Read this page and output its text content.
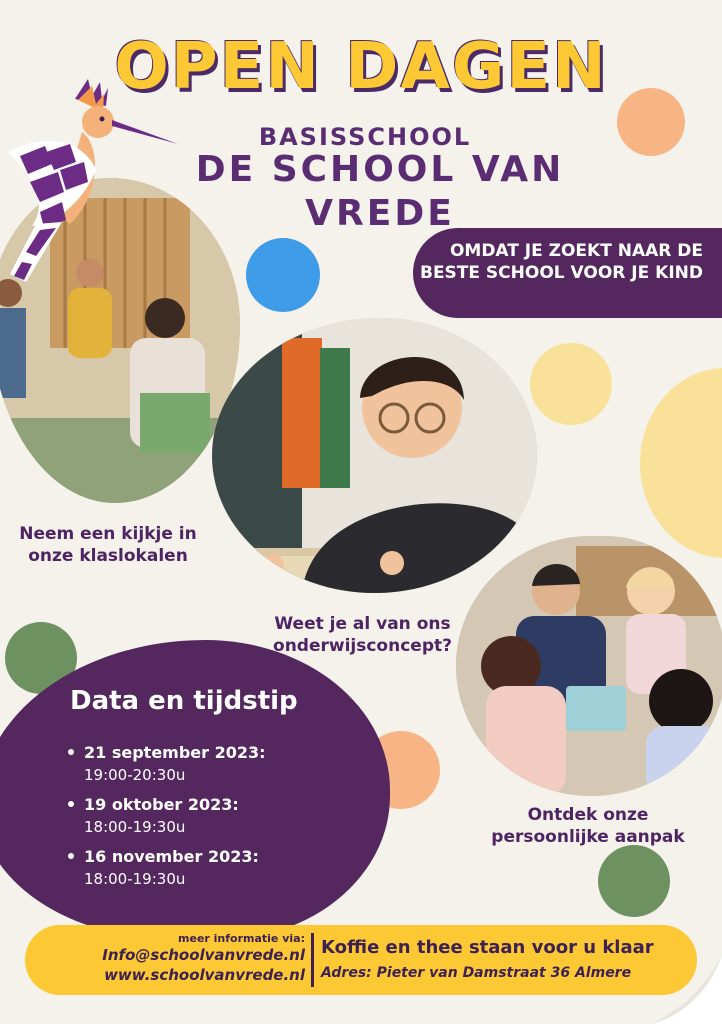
OPEN DAGEN
BASISSCHOOL
DE SCHOOL VAN VREDE
OMDAT JE ZOEKT NAAR DE BESTE SCHOOL VOOR JE KIND
Neem een kijkje in onze klaslokalen
Weet je al van ons onderwijsconcept?
Ontdek onze persoonlijke aanpak
Data en tijdstip
21 september 2023:
19:00-20:30u
19 oktober 2023:
18:00-19:30u
16 november 2023:
18:00-19:30u
meer informatie via:
Info@schoolvanvrede.nl
www.schoolvanvrede.nl
Koffie en thee staan voor u klaar
Adres: Pieter van Damstraat 36 Almere
